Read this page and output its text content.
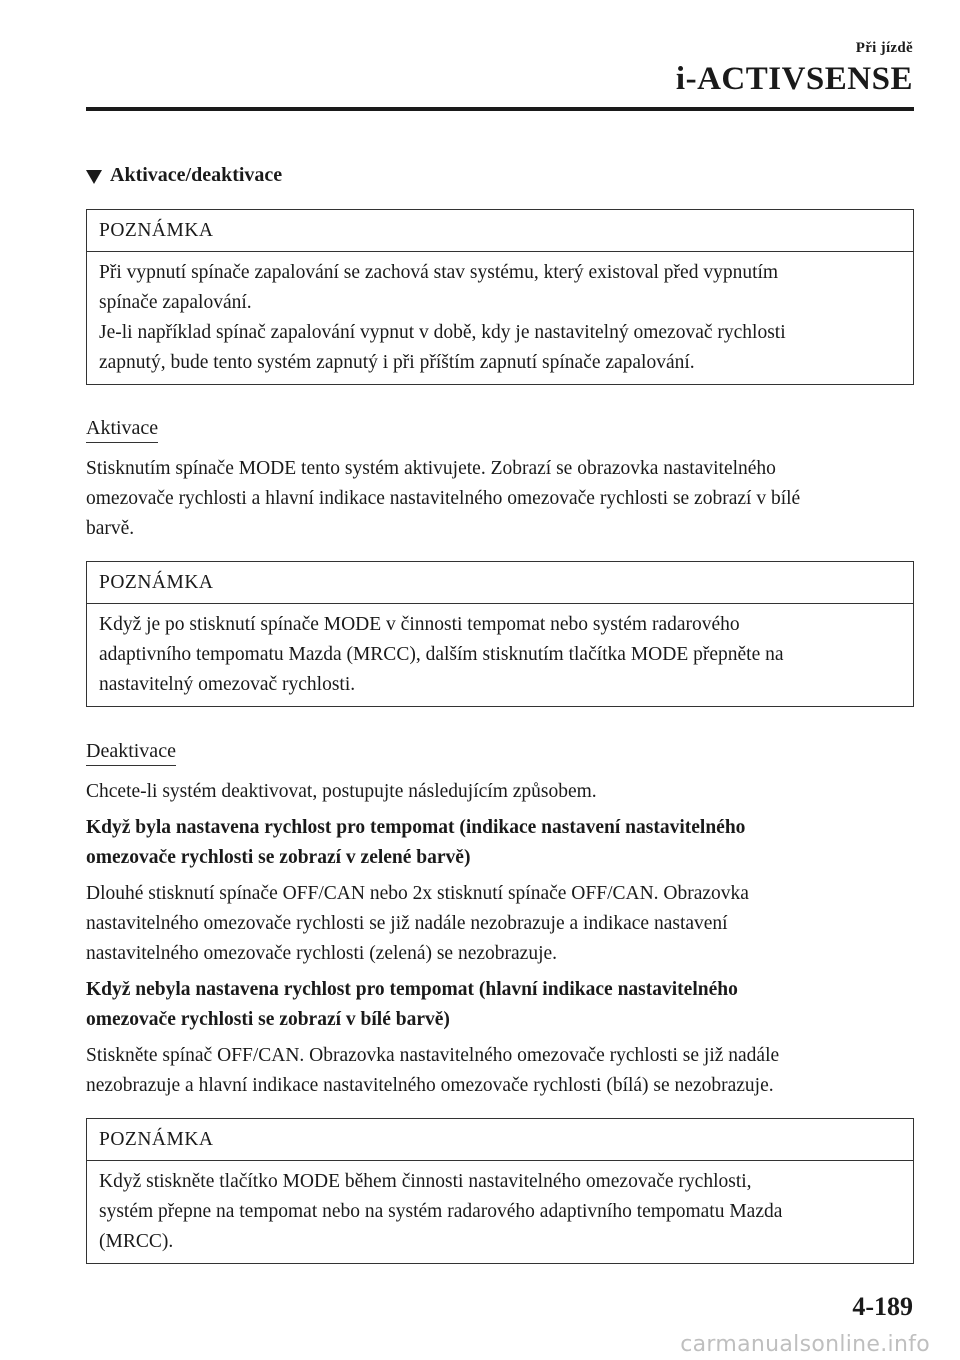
Při jízdě
i-ACTIVSENSE
Aktivace/deaktivace
POZNÁMKA

Při vypnutí spínače zapalování se zachová stav systému, který existoval před vypnutím

spínače zapalování.

Je-li například spínač zapalování vypnut v době, kdy je nastavitelný omezovač rychlosti

zapnutý, bude tento systém zapnutý i při příštím zapnutí spínače zapalování.

Aktivace

Stisknutím spínače MODE tento systém aktivujete. Zobrazí se obrazovka nastavitelného

omezovače rychlosti a hlavní indikace nastavitelného omezovače rychlosti se zobrazí v bílé

barvě.

POZNÁMKA

Když je po stisknutí spínače MODE v činnosti tempomat nebo systém radarového

adaptivního tempomatu Mazda (MRCC), dalším stisknutím tlačítka MODE přepněte na

nastavitelný omezovač rychlosti.

Deaktivace

Chcete-li systém deaktivovat, postupujte následujícím způsobem.

Když byla nastavena rychlost pro tempomat (indikace nastavení nastavitelného

omezovače rychlosti se zobrazí v zelené barvě)

Dlouhé stisknutí spínače OFF/CAN nebo 2x stisknutí spínače OFF/CAN. Obrazovka

nastavitelného omezovače rychlosti se již nadále nezobrazuje a indikace nastavení

nastavitelného omezovače rychlosti (zelená) se nezobrazuje.

Když nebyla nastavena rychlost pro tempomat (hlavní indikace nastavitelného

omezovače rychlosti se zobrazí v bílé barvě)

Stiskněte spínač OFF/CAN. Obrazovka nastavitelného omezovače rychlosti se již nadále

nezobrazuje a hlavní indikace nastavitelného omezovače rychlosti (bílá) se nezobrazuje.

POZNÁMKA

Když stiskněte tlačítko MODE během činnosti nastavitelného omezovače rychlosti,

systém přepne na tempomat nebo na systém radarového adaptivního tempomatu Mazda

(MRCC).

4-189
carmanualsonline.info
